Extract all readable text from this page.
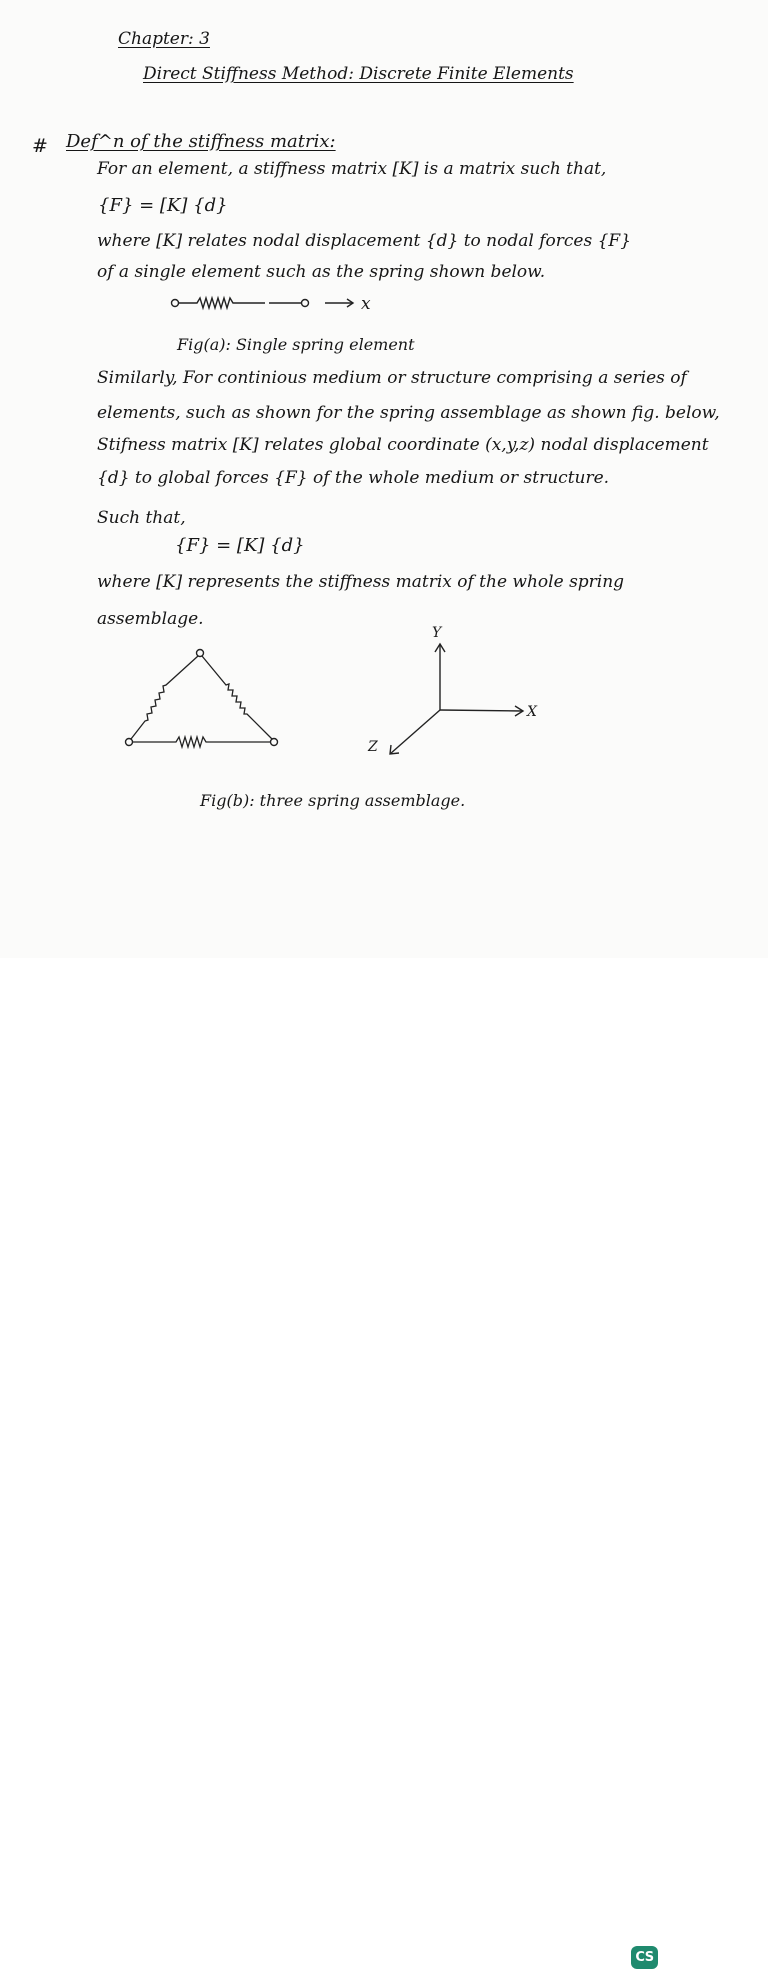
Chapter: 3
Direct Stiffness Method: Discrete Finite Elements
# Def^n of the stiffness matrix:
For an element, a stiffness matrix [K] is a matrix such that,
{F} = [K] {d}
where [K] relates nodal displacement {d} to nodal forces {F}
of a single element such as the spring shown below.
x
Fig(a): Single spring element
Similarly, For continious medium or structure comprising a series of
elements, such as shown for the spring assemblage as shown fig. below,
Stifness matrix [K] relates global coordinate (x,y,z) nodal displacement
{d} to global forces {F} of the whole medium or structure.
Such that,
{F} = [K] {d}
where [K] represents the stiffness matrix of the whole spring
assemblage.
Y
X
Z
Fig(b): three spring assemblage.
CS
